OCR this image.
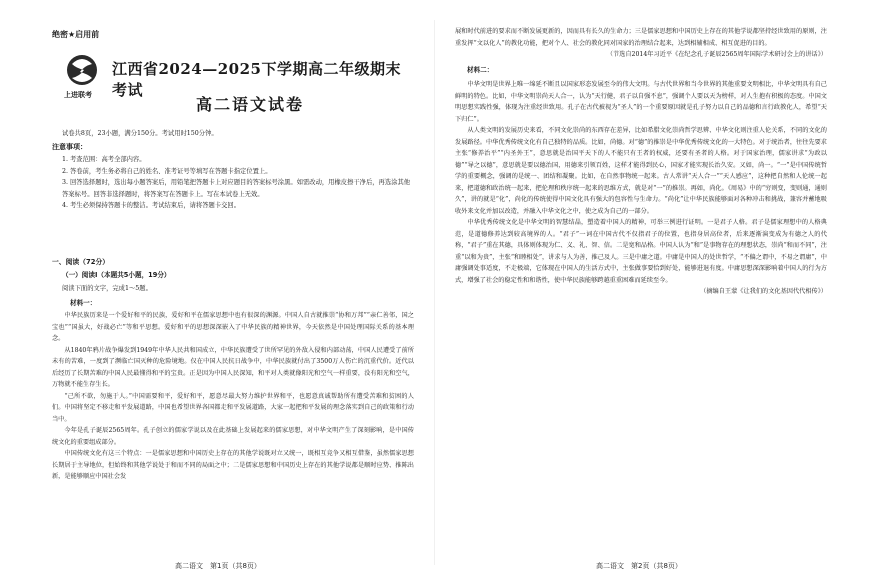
绝密★启用前
上进联考
江西省2024—2025下学期高二年级期末考试
高二语文试卷
试卷共8页，23小题，满分150分。考试用时150分钟。
注意事项：

1. 考查范围：高考全部内容。

2. 答卷前，考生务必将自己的姓名、准考证号等填写在答题卡指定位置上。

3. 回答选择题时，选出每小题答案后，用铅笔把答题卡上对应题目的答案标号涂黑。如需改动，用橡皮擦干净后，再选涂其他答案标号。回答非选择题时，将答案写在答题卡上。写在本试卷上无效。

4. 考生必须保持答题卡的整洁。考试结束后，请将答题卡交回。

一、阅读（72分）
（一）阅读Ⅰ（本题共5小题，19分）
阅读下面的文字，完成1～5题。
材料一：

中华民族历来是一个爱好和平的民族，爱好和平在儒家思想中也有很深的渊源。中国人自古就推崇“协和万邦”“亲仁善邻，国之宝也”“国虽大，好战必亡”等和平思想。爱好和平的思想深深嵌入了中华民族的精神世界，今天依然是中国处理国际关系的基本理念。

从1840年鸦片战争爆发到1949年中华人民共和国成立，中华民族遭受了世所罕见的外敌入侵和内部动荡，中国人民遭受了前所未有的苦难，一度到了濒临亡国灭种的危险境地。仅在中国人民抗日战争中，中华民族就付出了3500万人伤亡的沉重代价。近代以后经历了长期苦难的中国人民最懂得和平的宝贵。正是因为中国人民深知，和平对人类就像阳光和空气一样重要，没有阳光和空气，万物就不能生存生长。

“己所不欲，勿施于人。”中国需要和平，爱好和平，愿意尽最大努力维护世界和平，也愿意真诚帮助所有遭受苦难和贫困的人们。中国将坚定不移走和平发展道路，中国也希望世界各国都走和平发展道路，大家一起把和平发展的理念落实到自己的政策和行动当中。

今年是孔子诞辰2565周年。孔子创立的儒家学说以及在此基础上发展起来的儒家思想，对中华文明产生了深刻影响，是中国传统文化的重要组成部分。

中国传统文化有这三个特点：一是儒家思想和中国历史上存在的其他学说既对立又统一，既相互竞争又相互借鉴，虽然儒家思想长期居于主导地位，但始终和其他学说处于和而不同的局面之中；二是儒家思想和中国历史上存在的其他学说都是顺时应势、推陈出新，是能够顺应中国社会发

展和时代前进的要求而不断发展更新的，因而具有长久的生命力；三是儒家思想和中国历史上存在的其他学说都坚持经世致用的原则，注重发挥“文以化人”的教化功能，把对个人、社会的教化同对国家的治理结合起来，达到相辅相成、相互促进的目的。

（节选自2014年习近平《在纪念孔子诞辰2565周年国际学术研讨会上的讲话》）

材料二：

中华文明是世界上唯一绵延不断且以国家形态发展至今的伟大文明。与古代世界和当今世界的其他重要文明相比，中华文明具有自己鲜明的特色。比如，中华文明崇尚天人合一，认为“天行健，君子以自强不息”，强调个人要以天为榜样，对人生抱有积极的态度。中国文明思想实践性强，体现为注重经世致用。孔子在古代被视为“圣人”的一个重要原因就是孔子努力以自己的品德和言行政教化人，希望“天下归仁”。

从人类文明的发展历史来看，不同文化崇尚的东西存在差异，比如希腊文化崇尚哲学思辨、中华文化则注重人伦关系，不同的文化的发展路径。中华优秀传统文化有自己独特的品质。比如，尚德。对“德”的推崇是中华优秀传统文化的一大特色。对于统治者，往往先要求主张“修养治平”“内圣外王”，意思就是治国平天下的人不能只有王者的权威，还要有圣者的人格。对于国家治理，儒家讲求“为政以德”“导之以德”，意思就是要以德治国，用德来引领百姓，这样才能得到民心，国家才能实现长治久安。又如，尚一。“一”是中国传统哲学的重要概念，强调的是统一、团结和凝聚。比如，在自然事物统一起来。古人常讲“天人合一”“天人感应”，这种把自然和人伦统一起来，把道德和政治统一起来，把伦理和秩序统一起来的思维方式，就是对“一”的推崇。再如，尚化。《周易》中的“穷则变，变则通，通则久”，讲的就是“化”，尚化的传统使得中国文化具有强大的包容性与生命力。“尚化”让中华民族能够面对各种冲击和挑战，兼容并蓄地吸收外来文化并加以改造，并融入中华文化之中，使之成为自己的一部分。

中华优秀传统文化是中华文明的智慧结晶，塑造着中国人的精神，可举三例进行证明。一是君子人格。君子是儒家理想中的人格典范，是道德修养达到较高境界的人。“君子”一词在中国古代不仅指君子的位置，也指身居高位者，后来逐渐演变成为有德之人的代称，“君子”重在其德，具体则体现为仁、义、礼、智、信。二是宽和品格。中国人认为“和”是事物存在的理想状态，崇尚“和而不同”，注重“以和为贵”，主张“和睦相处”，讲求与人为善，推己及人。三是中庸之道。中庸是中国人的处世哲学，“不偏之谓中，不易之谓庸”，中庸强调处事适度，不走极端，它体现在中国人的生活方式中，主张做事要恰到好处，能够进退有度。中庸思想深深影响着中国人的行为方式，增强了社会的稳定性和和谐性，使中华民族能够跨越重重困难而延续至今。

（摘编自王蒙《让我们的文化基因代代相传》）

高二语文　第1页（共8页）	高二语文　第2页（共8页）
